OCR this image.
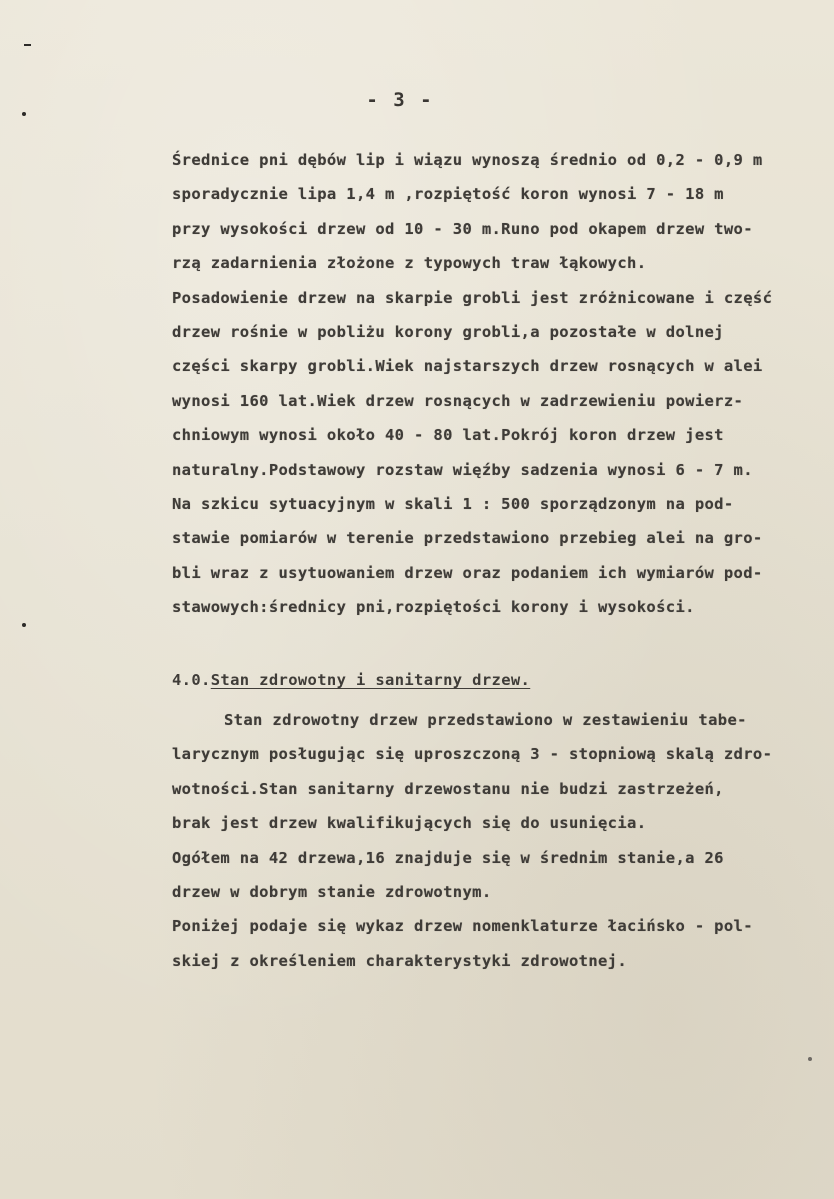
- 3 -
Średnice pni dębów lip i wiązu wynoszą średnio od 0,2 - 0,9 m
sporadycznie lipa 1,4 m ,rozpiętość koron wynosi 7 - 18 m
przy wysokości drzew od 10 - 30 m.Runo pod okapem drzew two-
rzą zadarnienia złożone z typowych traw łąkowych.
Posadowienie drzew na skarpie grobli jest zróżnicowane i część
drzew rośnie w pobliżu korony grobli,a pozostałe w dolnej
części skarpy grobli.Wiek najstarszych drzew rosnących w alei
wynosi 160 lat.Wiek drzew rosnących w zadrzewieniu powierz-
chniowym wynosi około 40 - 80 lat.Pokrój koron drzew jest
naturalny.Podstawowy rozstaw więźby sadzenia wynosi 6 - 7 m.
Na szkicu sytuacyjnym w skali 1 : 500 sporządzonym na pod-
stawie pomiarów w terenie przedstawiono przebieg alei na gro-
bli wraz z usytuowaniem drzew oraz podaniem ich wymiarów pod-
stawowych:średnicy pni,rozpiętości korony i wysokości.
4.0.Stan zdrowotny i sanitarny drzew.
Stan zdrowotny drzew przedstawiono w zestawieniu tabe-
larycznym posługując się uproszczoną 3 - stopniową skalą zdro-
wotności.Stan sanitarny drzewostanu nie budzi zastrzeżeń,
brak jest drzew kwalifikujących się do usunięcia.
Ogółem na 42 drzewa,16 znajduje się w średnim stanie,a 26
drzew w dobrym stanie zdrowotnym.
Poniżej podaje się wykaz drzew nomenklaturze łacińsko - pol-
skiej z określeniem charakterystyki zdrowotnej.
